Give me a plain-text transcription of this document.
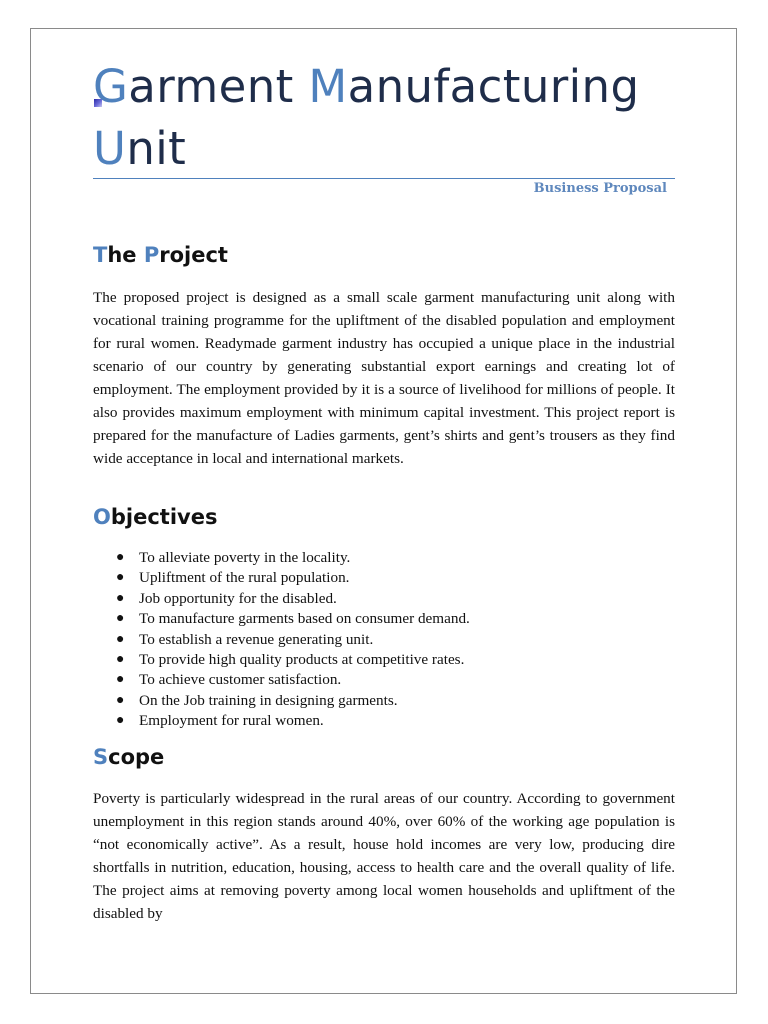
Garment Manufacturing
Unit
Business Proposal
The Project

The proposed project is designed as a small scale garment manufacturing unit along with vocational training programme for the upliftment of the disabled population and employment for rural women. Readymade garment industry has occupied a unique place in the industrial scenario of our country by generating substantial export earnings and creating lot of employment. The employment provided by it is a source of livelihood for millions of people. It also provides maximum employment with minimum capital investment. This project report is prepared for the manufacture of Ladies garments, gent’s shirts and gent’s trousers as they find wide acceptance in local and international markets.

Objectives
● To alleviate poverty in the locality.
● Upliftment of the rural population.
● Job opportunity for the disabled.
● To manufacture garments based on consumer demand.
● To establish a revenue generating unit.
● To provide high quality products at competitive rates.
● To achieve customer satisfaction.
● On the Job training in designing garments.
● Employment for rural women.
Scope

Poverty is particularly widespread in the rural areas of our country. According to government unemployment in this region stands around 40%, over 60% of the working age population is “not economically active”. As a result, house hold incomes are very low, producing dire shortfalls in nutrition, education, housing, access to health care and the overall quality of life. The project aims at removing poverty among local women households and upliftment of the disabled by
